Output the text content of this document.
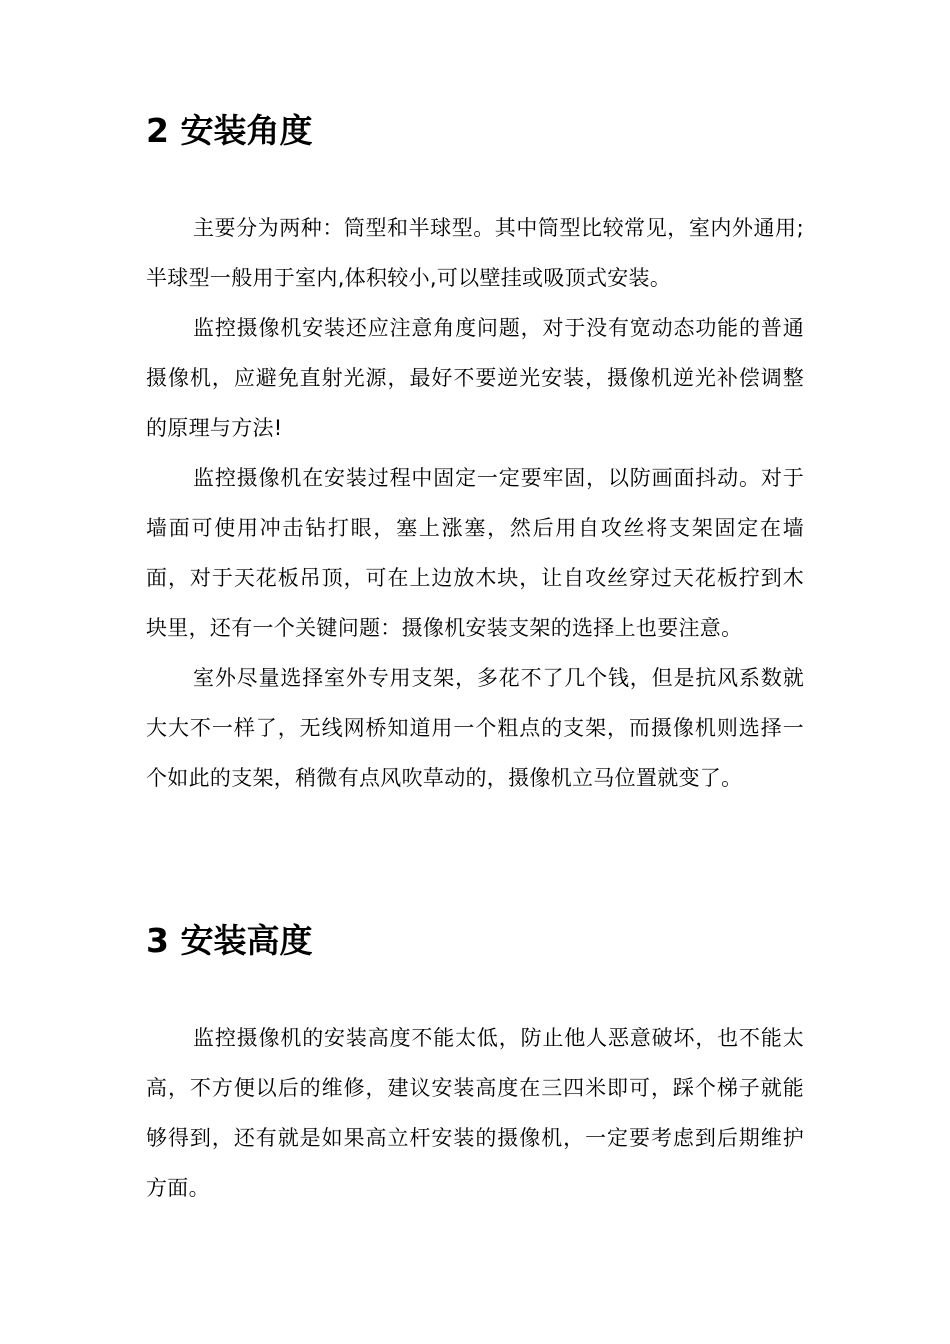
2 安装角度

主要分为两种：筒型和半球型。其中筒型比较常见，室内外通用;半球型一般用于室内,体积较小,可以壁挂或吸顶式安装。

监控摄像机安装还应注意角度问题，对于没有宽动态功能的普通摄像机，应避免直射光源，最好不要逆光安装，摄像机逆光补偿调整的原理与方法!

监控摄像机在安装过程中固定一定要牢固，以防画面抖动。对于墙面可使用冲击钻打眼，塞上涨塞，然后用自攻丝将支架固定在墙面，对于天花板吊顶，可在上边放木块，让自攻丝穿过天花板拧到木块里，还有一个关键问题：摄像机安装支架的选择上也要注意。

室外尽量选择室外专用支架，多花不了几个钱，但是抗风系数就大大不一样了，无线网桥知道用一个粗点的支架，而摄像机则选择一个如此的支架，稍微有点风吹草动的，摄像机立马位置就变了。

3 安装高度

监控摄像机的安装高度不能太低，防止他人恶意破坏，也不能太高，不方便以后的维修，建议安装高度在三四米即可，踩个梯子就能够得到，还有就是如果高立杆安装的摄像机，一定要考虑到后期维护方面。
